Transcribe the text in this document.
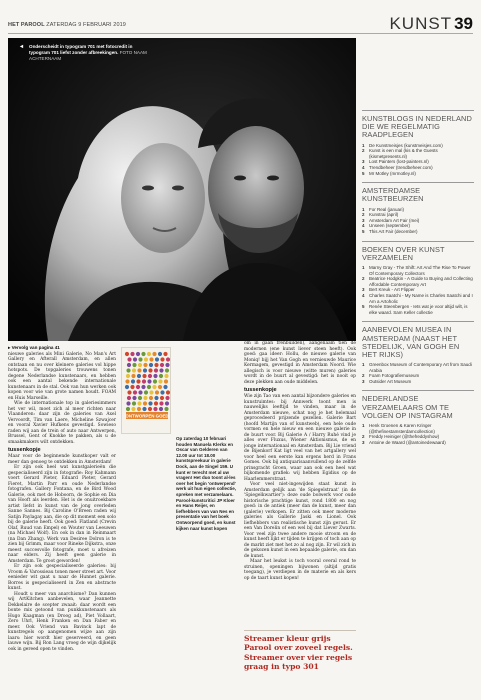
HET PAROOL ZATERDAG 9 FEBRUARI 2019	KUNST 39
◂ Onderscheidt in typogram 701 met fotocredit in typogram 701 liefst zonder afbreekingen. FOTO NAAM ACHTERNAAM
KUNSTBLOGS IN NEDERLAND DIE WE REGELMATIG RAADPLEGEN
1 De Kunstmeisjes (kunstmeisjes.com)
2 Kunst is een mal (kis & the Guests (kismetpresents.nl)
3 Lost Painters (lost-painters.nl)
4 Trendbeheer (trendbeheer.com)
5 Mr Motley (mrmotley.nl)
AMSTERDAMSE KUNSTBEURZEN
1 For Real (januari)
2 Kunstrai (april)
3 Amsterdam Art Fair (mei)
4 Unseen (september)
5 This Art Fair (december)
BOEKEN OVER KUNST VERZAMELEN
1 Marny Gray - The Shift: Art And The Rise To Power Of Contemporary Collectors
2 Beatrice Hodgkin - A Guide to Buying and Collecting Affordable Contemporary Art
3 Bert Kreuk - Art Flipper
4 Charles Saatchi - My Name is Charles Saatchi and I Am a Artoholic
5 Renée Steenbergen - Iets wat je voor altijd wilt, is elke waard. Sam Keller collectie
AANBEVOLEN MUSEA IN AMSTERDAM (NAAST HET STEDELIJK, VAN GOGH EN HET RIJKS)
1 Greenbox Museum of Contemporary Art from Saudi Arabia
2 Foam Fotografiemuseum
3 Outsider Art Museum
NEDERLANDSE VERZAMELAARS OM TE VOLGEN OP INSTAGRAM
1 Henk Groenen & Karen Kringer (@thefinestamsterdamcollection)
2 Freddy Heiniger (@thefreddyshow)
3 Antoine de Waard (@antoinedewaard)
▸ Vervolg van pagina 41

nieuwe galeries als Mini Galerie, No Man's Art Gallery en Afterall Amsterdam, en allen ontstaan en nu over kleinere galeries vol hippe hotspots. De topgaleries trouwens tonen degene Nederlandse kunstenaars, en hebben ook een aantal bekende internationale kunstenaars in de stal. Ook van hun werken ook kopen voor wie van grote namen houdt. FOAM en Huis Marseille.

Wie de internationale top in galeriesimmers het ver wil, moet zich al meer richten naar Vlaanderen: daar zijn de galeries van Axel Vervoordt, Tim van Laere, Micheline Szwajcer en vooral Xavier Hufkens gevestigd. Sowieso raden wij aan de trein of auto naar Antwerpen, Brussel, Gent of Knokke te pakken, als u de smaakmakers wilt ontdekken.

tussenkopje

Maar voor de beginnende kunstkoper valt er meer dan genoeg te ontdekken in Amsterdam!

Er zijn ook heel wat kunstgalerieën die gespecialiseerd zijn in fotografie: Roy Kahmann voert Gerard Pieter, Eduard Pieter, Gerard Fieret, Martin Parr en oude Nederlandse fotografen. Gallery Fontana, en de Bird Wood Galerie, ook met de Hoboorn, de Sophie en Dia van Hooft als leerden. Het is de onuitroekbare artist liefst in kunst van de jong overleden Sanne Sannes. Bij Caroline O'Breen raden wij Satijn Paylagay aan, die op dit moment een solo bij de galerie heeft. Ook goed: Flatland (Crevin Olaf, Ruud van Empel) en Wouter van Leeuwen (na Michael Wolf). En ook in dan in Reinmaart (na Dan Zhang). Werk van Desiree Dolron is te zien bij Grimm, maar voor Rineke Dijkstra, onze meest succesvolle fotografe, moet u afreizen naar elders. Zij heeft geen galerie in Amsterdam. Te groot geworden!

Er zijn ook gespecialiseerde galeries: bij Vroom & Varossieau tonen meer street art. Voor eenieder wit gaat u naar de Hunnet galerie. Borres is gespecialiseerd in Zen en abstracte kunst.

Houdt u meer van anarchisme? Dan kunnen wij ArtKitchen aanbevelen, waar Jeannette Dekkelaire de scepter zwaait: daar wordt een bonte mix getoond van punkkunstenaars als Hugo Kaagman (en Droog ad), Piet Vollaart, Zero Uhrl, Henk Franken en Dan Faber en meer. Ook Vriend van Bavinck lapt de kunstregels op aangenomen wijze aan zijn laars: hier wordt hier geserveerd, en geen lauwe wijn. Bij Ron Lang vroeg de wijn dijkelijk ook in gereed open te vinden.

ONTWORPEN GOED
Op zaterdag 10 februari houden Manuela Klerkx en Oscar van Gelderen van 12.00 uur tot 18.00 kunstspreekuur in galerie Dock, aan de Singel 159. U kunt er terecht met al uw vragen! Het duo toont al-les over het begin 'ontwerpend' werk uit hun eigen collectie, spreken met verzamelaars. Parool-kunstcritici JP Kloer en Hans Reijer, en liefhebbers van van Nes en presentatie van het boek Ontworpend goed, en kunst kijken naar kunst kopen

om in gaan frenbuilden), aangenaam tien de modernen (ene kunst liever steen heeft). Ook goed: gaa ideer: Hollu, de nieuwe galerie van Moniq! bijj het Van Gogh en vernieuwde Maurice Kermagem, gevestigd in Amsterdam Noord. Wie allegisch is voor nieuwe (witte muren) galeries wordt in de buurt al gevestigd: het is nooit op deze plekken aan oude middelen.

tussenkopje

Wie zijn Tao van een aantal bijzondere galeries en kunstruimtes: bij Annwerk toont men is nauwelijks leeftijd te vinden, maar in de Amsterdam nieuwe, schat nog je het helemaal geprocedeerd prijzende gezellen. Galerie Bart (hoofd Martijn van of kunstweb), een hele oude vormen en hele nieuw en een nieuwe galerie in de buurt voor. Bij Galerie A / Harry Ruhé vind je alles over Fluxus, Wiener Aktionismus, de en jonge internationaal en Amsterdam. Bij Lie vriend de Bijenkorf Kat ligt veel van het artgallery wel voor heel een eerste kan ergens herd in Frans Gomes. Ook bij antiquarisaanvullend op de zelfde prinsgracht Groen, waar aan ook een heel wat bijkomende grafiek: wij hebben Egidius op de Haarlemmerstraat.

Voor veel niet-ingewijden staat kunst in Amsterdam gelijk aan 'de Spiegelstraat' (in de 'Spiegelkwartier'): deze oude bolwerk voor oude historische prachtige kunst, rond 1800 en nog goed: in de antiek (meer dan de kunst, meer dan (galerie) verkopen. Er zitten ook meer moderne galeries als Gallerie Jaski en Lionel. Ook liefhebbers van realistische kunst zijn gerust. Er een Van Dorelin of een wel bij dat Liever Zwarts. Voor veel zijn twee andere mooie stroom en de kunst heeft lijkt er tijden te krijgen of toch aan op de markt ziet met het zo al nog zijn. Er wil zich in de gekozen kunst in een bepaalde galerie, om dan de kunst.

Maar het leukst is toch vooral overal rond te struinen, openingen bijwonen (altijd gratis toegang), je verdiepen in de materie en als kers op de taart kunst kopen!

Streamer kleur grijs Parool over zoveel regels. Streamer over vier regels graag in typo 301
